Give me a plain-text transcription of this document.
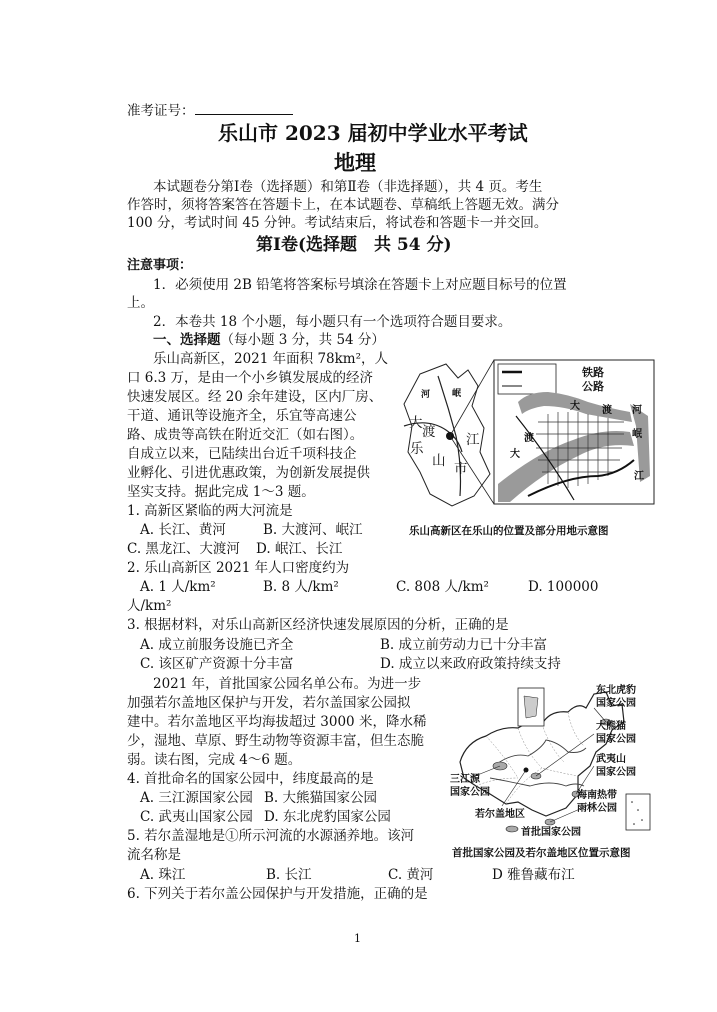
准考证号：
乐山市 2023 届初中学业水平考试
地理
本试题卷分第Ⅰ卷（选择题）和第Ⅱ卷（非选择题），共 4 页。考生
作答时，须将答案答在答题卡上，在本试题卷、草稿纸上答题无效。满分
100 分，考试时间 45 分钟。考试结束后，将试卷和答题卡一并交回。
第Ⅰ卷(选择题　共 54 分)
注意事项：
1．必须使用 2B 铅笔将答案标号填涂在答题卡上对应题目标号的位置
上。
2．本卷共 18 个小题，每小题只有一个选项符合题目要求。
一、选择题（每小题 3 分，共 54 分）
乐山高新区，2021 年面积 78km²，人
口 6.3 万，是由一个小乡镇发展成的经济
快速发展区。经 20 余年建设，区内厂房、
干道、通讯等设施齐全，乐宜等高速公
路、成贵等高铁在附近交汇（如右图）。
自成立以来，已陆续出台近千项科技企
业孵化、引进优惠政策，为创新发展提供
坚实支持。据此完成 1～3 题。
河 岷
大
渡 江
乐
山 市
铁路
公路
大 渡 河
岷
江
大
渡
乐山高新区在乐山的位置及部分用地示意图
1. 高新区紧临的两大河流是
A. 长江、黄河	B. 大渡河、岷江
C. 黑龙江、大渡河 D. 岷江、长江
2. 乐山高新区 2021 年人口密度约为
A. 1 人/km²	B. 8 人/km²	C. 808 人/km²	D. 100000
人/km²
3. 根据材料，对乐山高新区经济快速发展原因的分析，正确的是
A. 成立前服务设施已齐全	B. 成立前劳动力已十分丰富
C. 该区矿产资源十分丰富	D. 成立以来政府政策持续支持
2021 年，首批国家公园名单公布。为进一步
加强若尔盖地区保护与开发，若尔盖国家公园拟
建中。若尔盖地区平均海拔超过 3000 米，降水稀
少，湿地、草原、野生动物等资源丰富，但生态脆
弱。读右图，完成 4～6 题。
东北虎豹
国家公园
大熊猫
国家公园
武夷山
国家公园
三江源
国家公园	海南热带
雨林公园
若尔盖地区
首批国家公园
首批国家公园及若尔盖地区位置示意图
4. 首批命名的国家公园中，纬度最高的是
A. 三江源国家公园 B. 大熊猫国家公园
C. 武夷山国家公园 D. 东北虎豹国家公园
5. 若尔盖湿地是①所示河流的水源涵养地。该河
流名称是
A. 珠江	B. 长江	C. 黄河	D 雅鲁藏布江
6. 下列关于若尔盖公园保护与开发措施，正确的是
1
